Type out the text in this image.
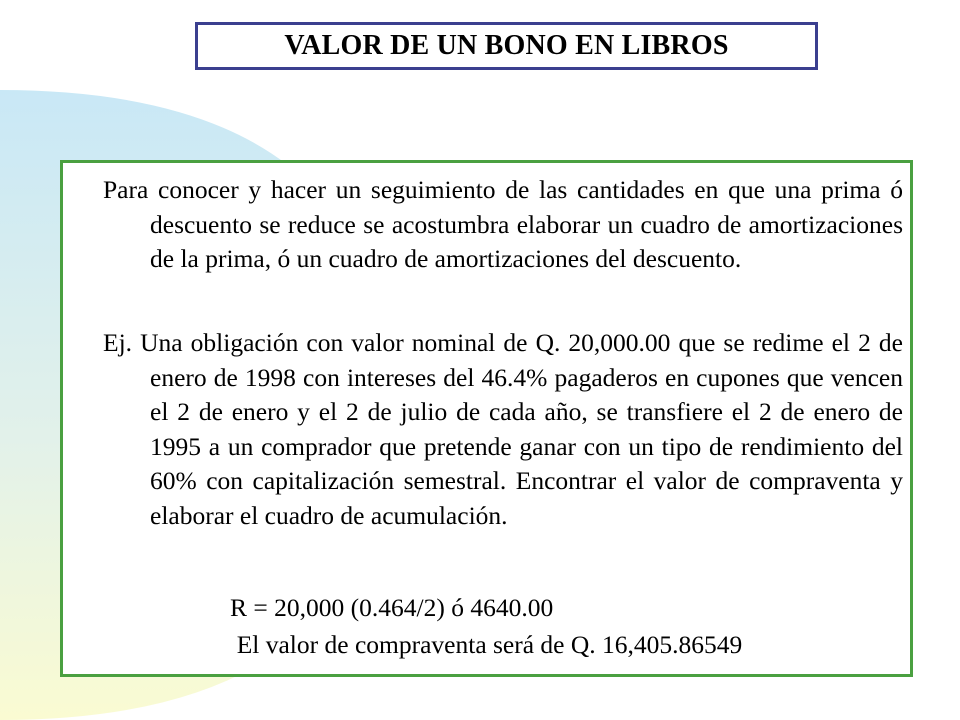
VALOR DE UN BONO EN LIBROS

Para conocer y hacer un seguimiento de las cantidades en que una prima ó descuento se reduce se acostumbra elaborar un cuadro de amortizaciones de la prima, ó un cuadro de amortizaciones del descuento.

Ej. Una obligación con valor nominal de Q. 20,000.00 que se redime el 2 de enero de 1998 con intereses del 46.4% pagaderos en cupones que vencen el 2 de enero y el 2 de julio de cada año, se transfiere el 2 de enero de 1995 a un comprador que pretende ganar con un tipo de rendimiento del 60% con capitalización semestral. Encontrar el valor de compraventa y elaborar el cuadro de acumulación.

R = 20,000 (0.464/2) ó 4640.00

El valor de compraventa será de Q. 16,405.86549
